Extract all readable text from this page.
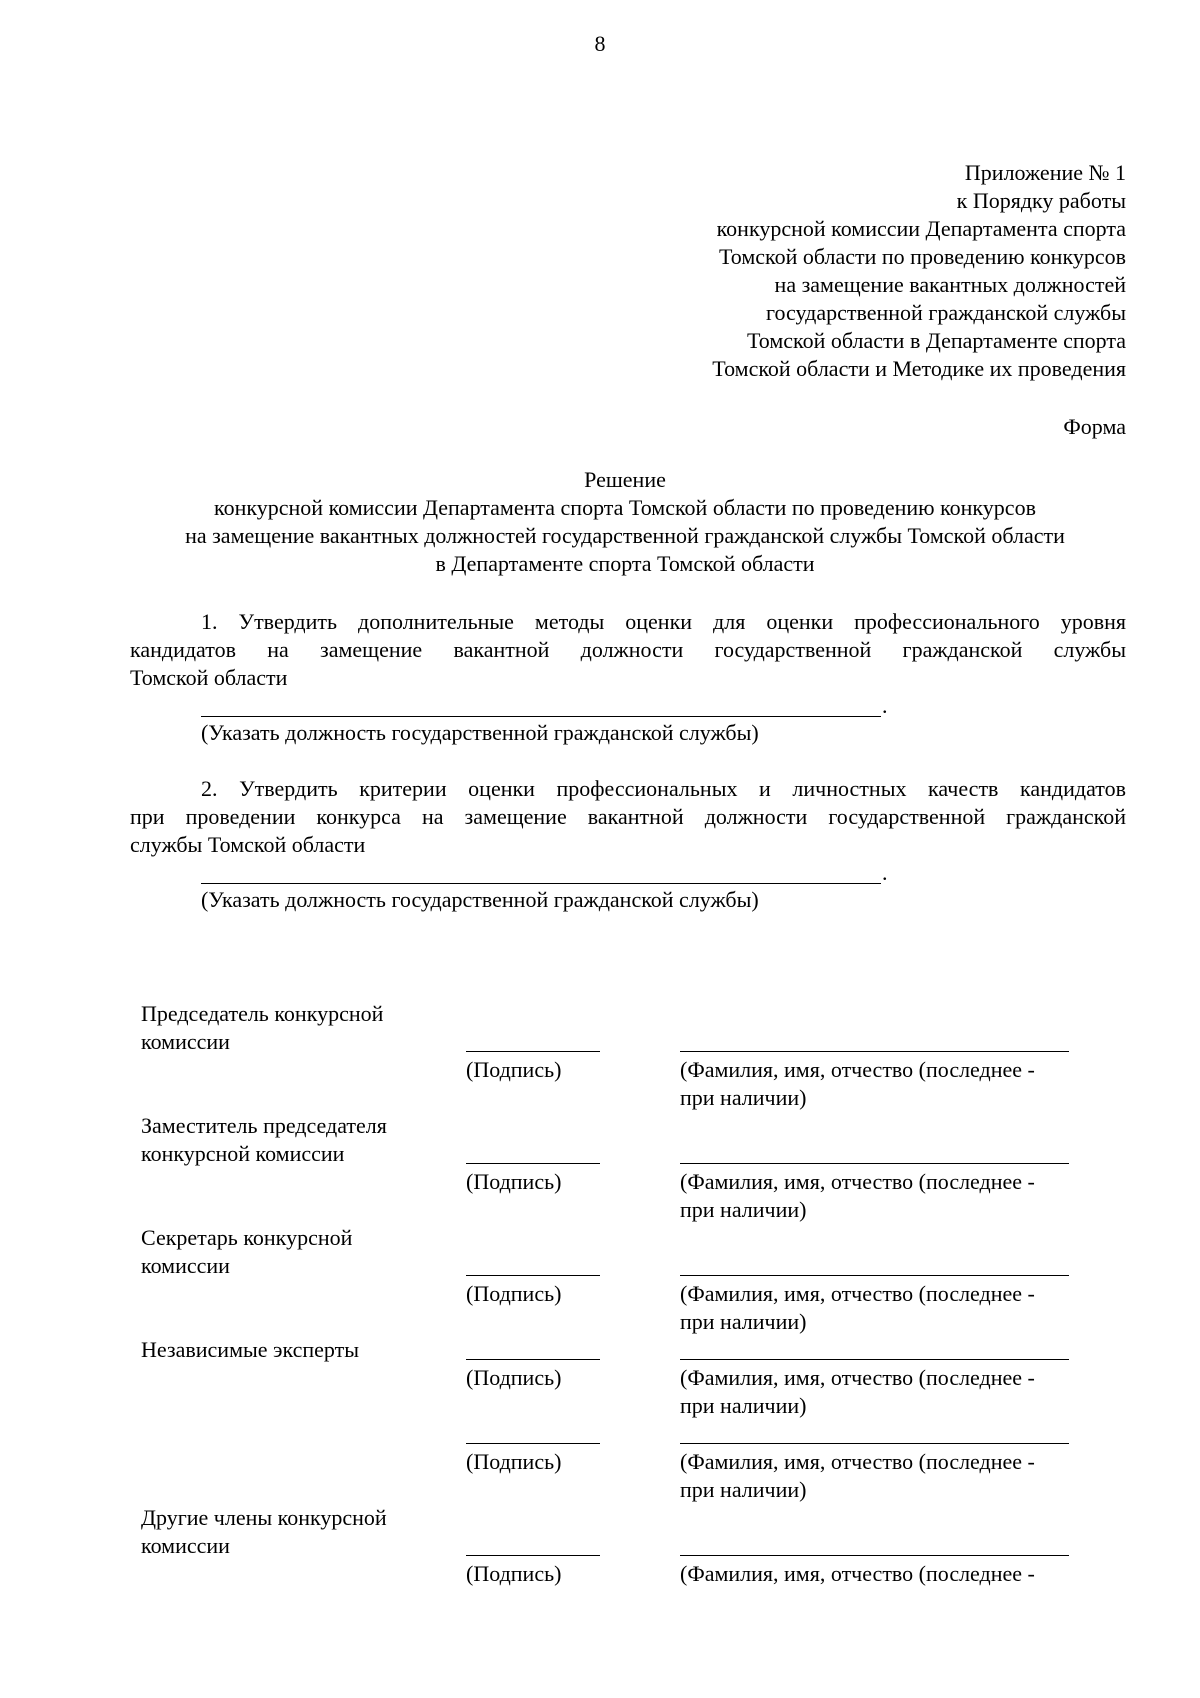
8
Приложение № 1
к Порядку работы
конкурсной комиссии Департамента спорта
Томской области по проведению конкурсов
на замещение вакантных должностей
государственной гражданской службы
Томской области в Департаменте спорта
Томской области и Методике их проведения
Форма
Решение
конкурсной комиссии Департамента спорта Томской области по проведению конкурсов
на замещение вакантных должностей государственной гражданской службы Томской области
в Департаменте спорта Томской области
1. Утвердить дополнительные методы оценки для оценки профессионального уровня
кандидатов на замещение вакантной должности государственной гражданской службы
Томской области
.
(Указать должность государственной гражданской службы)
2. Утвердить критерии оценки профессиональных и личностных качеств кандидатов
при проведении конкурса на замещение вакантной должности государственной гражданской
службы Томской области
.
(Указать должность государственной гражданской службы)
Председатель конкурсной
комиссии
(Подпись)	(Фамилия, имя, отчество (последнее -
при наличии)
Заместитель председателя
конкурсной комиссии
(Подпись)	(Фамилия, имя, отчество (последнее -
при наличии)
Секретарь конкурсной
комиссии
(Подпись)	(Фамилия, имя, отчество (последнее -
при наличии)
Независимые эксперты
(Подпись)	(Фамилия, имя, отчество (последнее -
при наличии)
(Подпись)	(Фамилия, имя, отчество (последнее -
при наличии)
Другие члены конкурсной
комиссии
(Подпись)	(Фамилия, имя, отчество (последнее -
